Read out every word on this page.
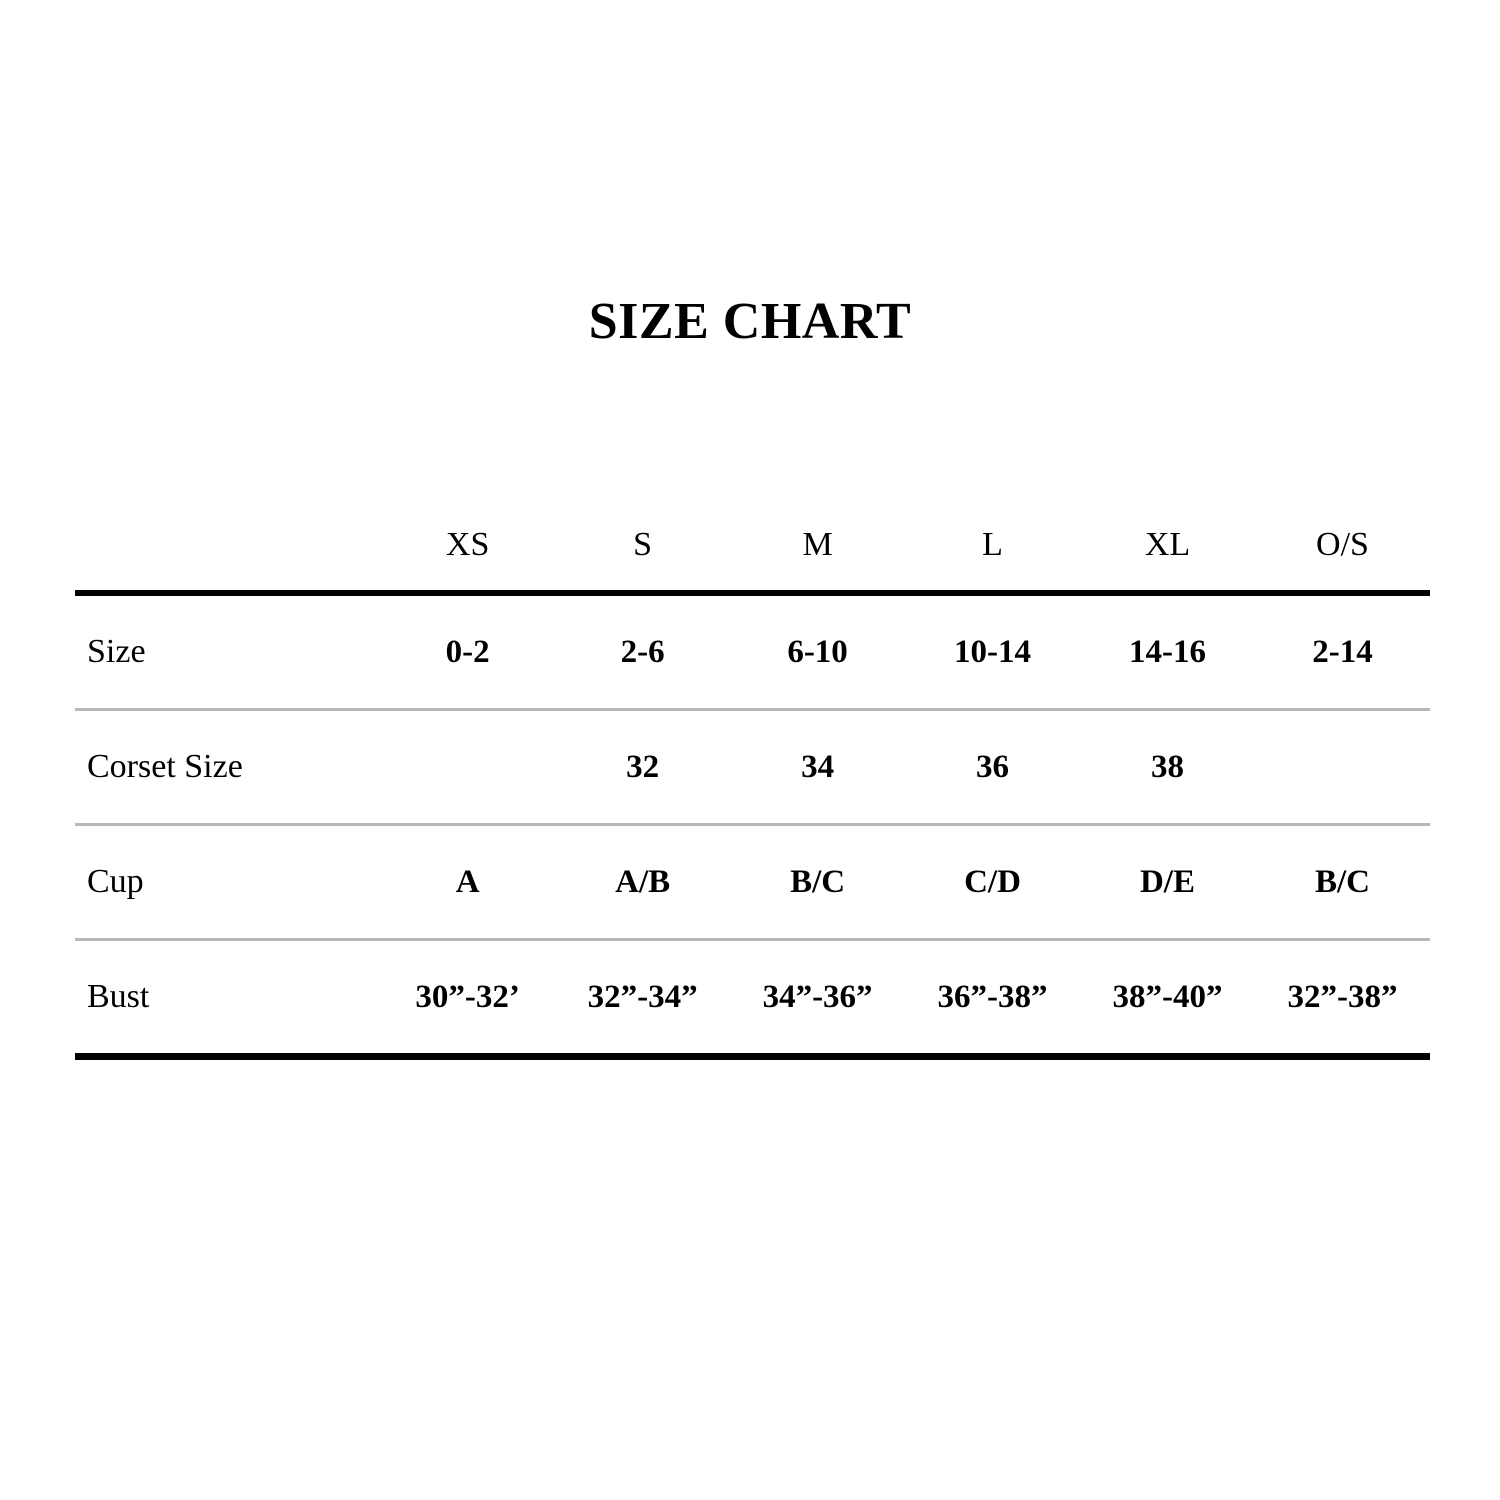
SIZE CHART
	XS	S	M	L	XL	O/S
Size	0-2	2-6	6-10	10-14	14-16	2-14
Corset Size		32	34	36	38	
Cup	A	A/B	B/C	C/D	D/E	B/C
Bust	30”-32’	32”-34”	34”-36”	36”-38”	38”-40”	32”-38”
